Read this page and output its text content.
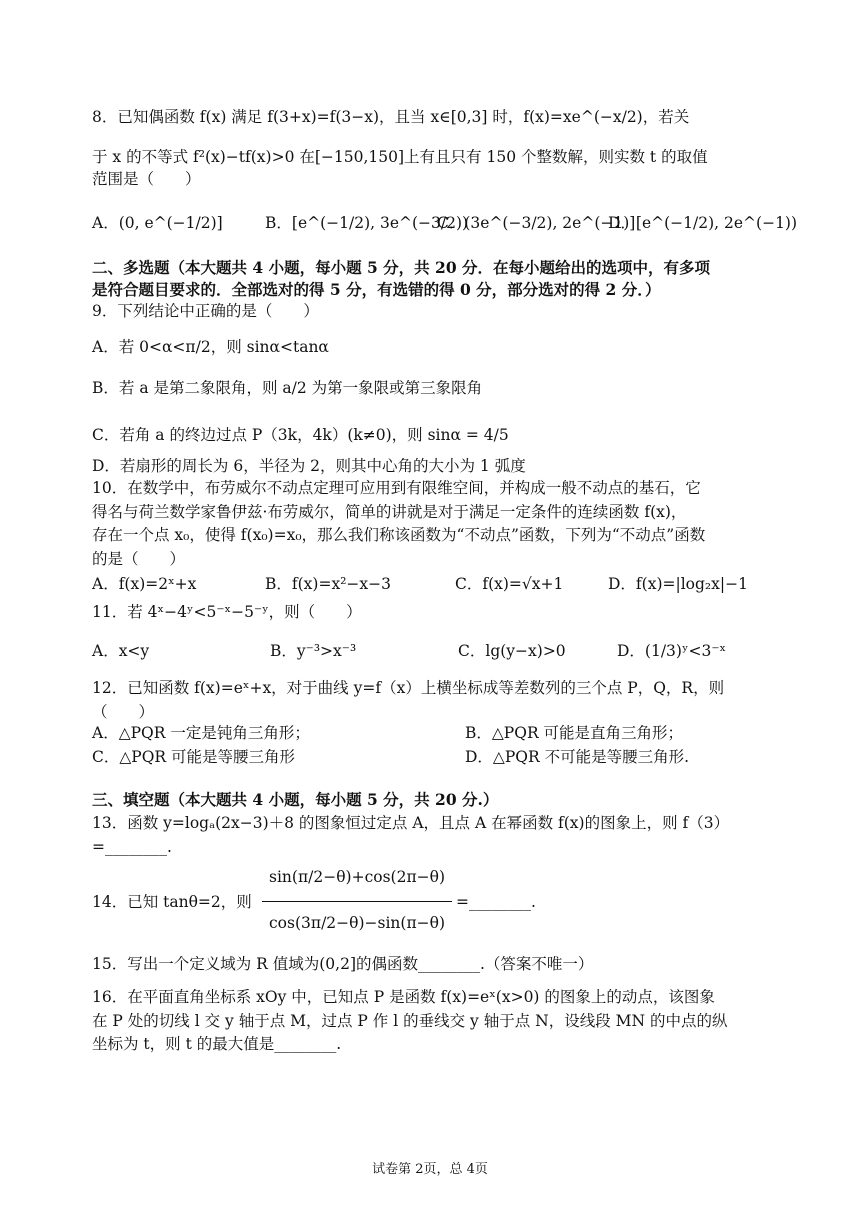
8．已知偶函数 f(x) 满足 f(3+x)=f(3−x)，且当 x∈[0,3] 时，f(x)=xe^(−x/2)，若关
于 x 的不等式 f²(x)−tf(x)>0 在[−150,150]上有且只有 150 个整数解，则实数 t 的取值
范围是（　　）
A．(0, e^(−1/2)]	B．[e^(−1/2), 3e^(−3/2))
C．(3e^(−3/2), 2e^(−1)]
D．[e^(−1/2), 2e^(−1))
二、多选题（本大题共 4 小题，每小题 5 分，共 20 分．在每小题给出的选项中，有多项
是符合题目要求的．全部选对的得 5 分，有选错的得 0 分，部分选对的得 2 分．）
9．下列结论中正确的是（　　）
A．若 0<α<π/2，则 sinα<tanα
B．若 a 是第二象限角，则 a/2 为第一象限或第三象限角
C．若角 a 的终边过点 P（3k，4k）(k≠0)，则 sinα = 4/5
D．若扇形的周长为 6，半径为 2，则其中心角的大小为 1 弧度
10．在数学中，布劳威尔不动点定理可应用到有限维空间，并构成一般不动点的基石，它
得名与荷兰数学家鲁伊兹·布劳威尔，简单的讲就是对于满足一定条件的连续函数 f(x)，
存在一个点 x₀，使得 f(x₀)=x₀，那么我们称该函数为“不动点”函数，下列为“不动点”函数
的是（　　）
A．f(x)=2ˣ+x	B．f(x)=x²−x−3	C．f(x)=√x+1	D．f(x)=|log₂x|−1
11．若 4ˣ−4ʸ<5⁻ˣ−5⁻ʸ，则（　　）
A．x<y	B．y⁻³>x⁻³	C．lg(y−x)>0	D．(1/3)ʸ<3⁻ˣ
12．已知函数 f(x)=eˣ+x，对于曲线 y=f（x）上横坐标成等差数列的三个点 P，Q，R，则
（　　）
A．△PQR 一定是钝角三角形；	B．△PQR 可能是直角三角形；
C．△PQR 可能是等腰三角形	D．△PQR 不可能是等腰三角形.
三、填空题（本大题共 4 小题，每小题 5 分，共 20 分.）
13．函数 y=logₐ(2x−3)＋8 的图象恒过定点 A，且点 A 在幂函数 f(x)的图象上，则 f（3）
=________.
14．已知 tanθ=2，则
sin(π/2−θ)+cos(2π−θ)
cos(3π/2−θ)−sin(π−θ)
=________.
15．写出一个定义域为 R 值域为(0,2]的偶函数________.（答案不唯一）
16．在平面直角坐标系 xOy 中，已知点 P 是函数 f(x)=eˣ(x>0) 的图象上的动点，该图象
在 P 处的切线 l 交 y 轴于点 M，过点 P 作 l 的垂线交 y 轴于点 N，设线段 MN 的中点的纵
坐标为 t，则 t 的最大值是________.
试卷第 2页，总 4页
